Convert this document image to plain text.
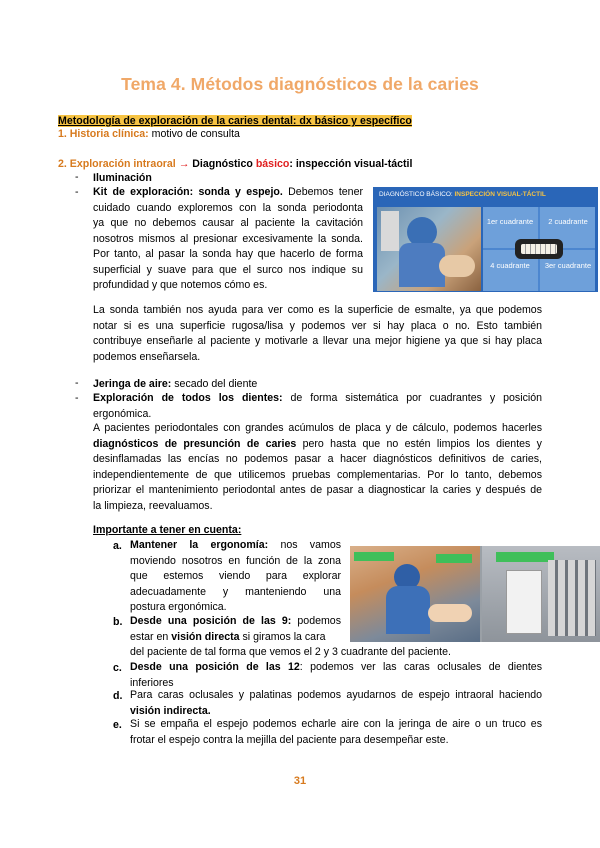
Tema 4. Métodos diagnósticos de la caries
Metodología de exploración de la caries dental: dx básico y específico
1. Historia clínica: motivo de consulta
2. Exploración intraoral → Diagnóstico básico: inspección visual-táctil
-	Iluminación
-	Kit de exploración: sonda y espejo. Debemos tener
cuidado cuando exploremos con la sonda periodonta
ya que no debemos causar al paciente la cavitación
nosotros mismos al presionar excesivamente la sonda.
Por tanto, al pasar la sonda hay que hacerlo de forma
superficial y suave para que el surco nos indique su
profundidad y que notemos cómo es.
DIAGNÓSTICO BÁSICO: INSPECCIÓN VISUAL-TÁCTIL
1er cuadrante	2 cuadrante
4 cuadrante	3er cuadrante
La sonda también nos ayuda para ver como es la superficie de esmalte, ya que podemos
notar si es una superficie rugosa/lisa y podemos ver si hay placa o no. Esto también
contribuye enseñarle al paciente y motivarle a llevar una mejor higiene ya que si hay placa
podemos enseñarsela.
-	Jeringa de aire: secado del diente
-	Exploración de todos los dientes: de forma sistemática por cuadrantes y posición
ergonómica.
A pacientes periodontales con grandes acúmulos de placa y de cálculo, podemos hacerles
diagnósticos de presunción de caries pero hasta que no estén limpios los dientes y
desinflamadas las encías no podemos pasar a hacer diagnósticos definitivos de caries,
independientemente de que utilicemos pruebas complementarias. Por lo tanto, debemos
priorizar el mantenimiento periodontal antes de pasar a diagnosticar la caries y después de
la limpieza, reevaluamos.
Importante a tener en cuenta:
a. Mantener la ergonomía: nos vamos
moviendo nosotros en función de la zona
que estemos viendo para explorar
adecuadamente y manteniendo una
postura ergonómica.
b. Desde una posición de las 9: podemos
estar en visión directa si giramos la cara
del paciente de tal forma que vemos el 2 y 3 cuadrante del paciente.
c. Desde una posición de las 12: podemos ver las caras oclusales de dientes
inferiores
d. Para caras oclusales y palatinas podemos ayudarnos de espejo intraoral haciendo
visión indirecta.
e. Si se empaña el espejo podemos echarle aire con la jeringa de aire o un truco es
frotar el espejo contra la mejilla del paciente para desempeñar este.
31
